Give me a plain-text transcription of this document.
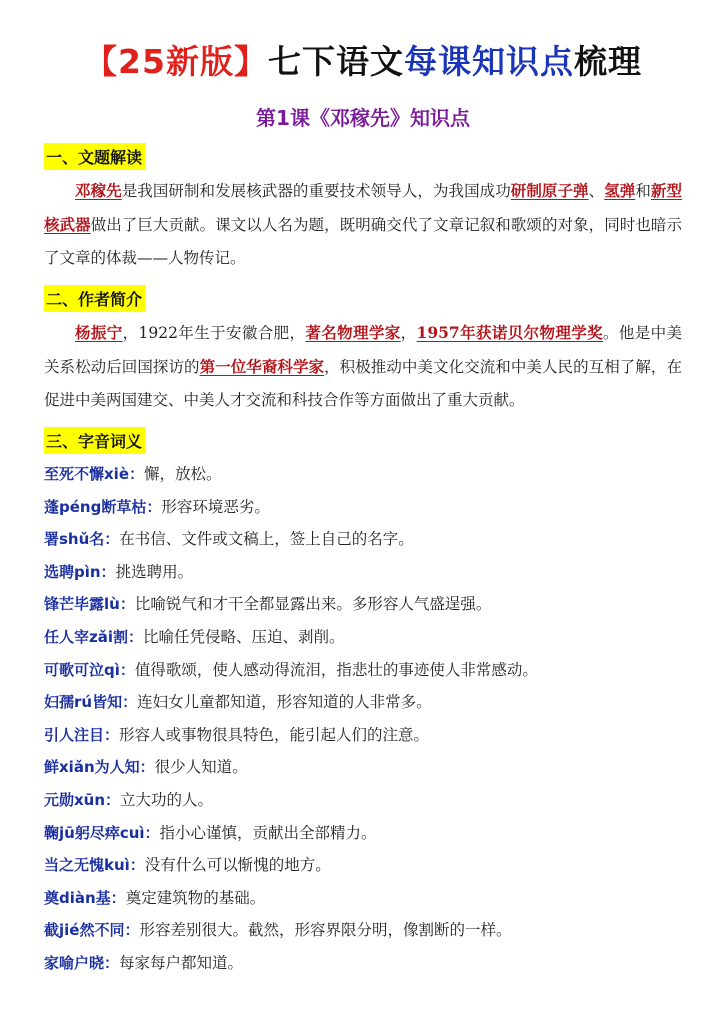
【25新版】七下语文每课知识点梳理
第1课《邓稼先》知识点
一、文题解读

邓稼先是我国研制和发展核武器的重要技术领导人，为我国成功研制原子弹、氢弹和新型核武器做出了巨大贡献。课文以人名为题，既明确交代了文章记叙和歌颂的对象，同时也暗示了文章的体裁——人物传记。

二、作者简介

杨振宁，1922年生于安徽合肥，著名物理学家，1957年获诺贝尔物理学奖。他是中美关系松动后回国探访的第一位华裔科学家，积极推动中美文化交流和中美人民的互相了解，在促进中美两国建交、中美人才交流和科技合作等方面做出了重大贡献。

三、字音词义
至死不懈xiè：懈，放松。
蓬péng断草枯：形容环境恶劣。
署shǔ名：在书信、文件或文稿上，签上自己的名字。
选聘pìn：挑选聘用。
锋芒毕露lù：比喻锐气和才干全都显露出来。多形容人气盛逞强。
任人宰zǎi割：比喻任凭侵略、压迫、剥削。
可歌可泣qì：值得歌颂，使人感动得流泪，指悲壮的事迹使人非常感动。
妇孺rú皆知：连妇女儿童都知道，形容知道的人非常多。
引人注目：形容人或事物很具特色，能引起人们的注意。
鲜xiǎn为人知：很少人知道。
元勋xūn：立大功的人。
鞠jū躬尽瘁cuì：指小心谨慎，贡献出全部精力。
当之无愧kuì：没有什么可以惭愧的地方。
奠diàn基：奠定建筑物的基础。
截jié然不同：形容差别很大。截然，形容界限分明，像割断的一样。
家喻户晓：每家每户都知道。
